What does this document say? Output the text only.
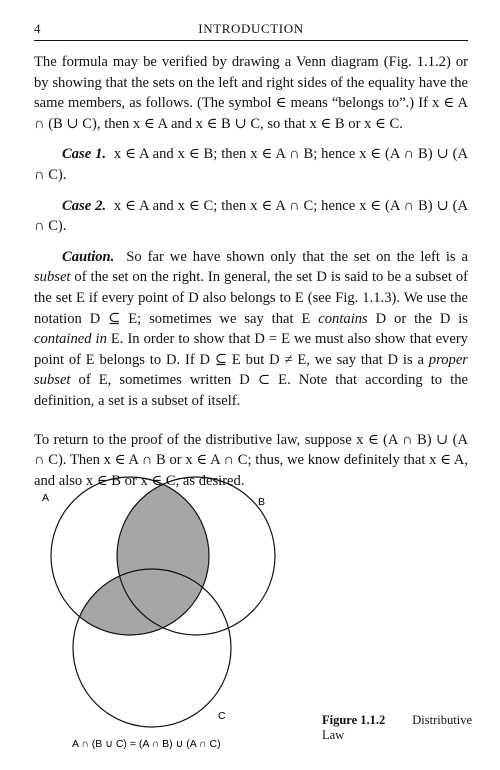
4	INTRODUCTION

The formula may be verified by drawing a Venn diagram (Fig. 1.1.2) or by showing that the sets on the left and right sides of the equality have the same members, as follows. (The symbol ∈ means “belongs to”.) If x ∈ A ∩ (B ∪ C), then x ∈ A and x ∈ B ∪ C, so that x ∈ B or x ∈ C.

Case 1. x ∈ A and x ∈ B; then x ∈ A ∩ B; hence x ∈ (A ∩ B) ∪ (A ∩ C).

Case 2. x ∈ A and x ∈ C; then x ∈ A ∩ C; hence x ∈ (A ∩ B) ∪ (A ∩ C).

Caution. So far we have shown only that the set on the left is a subset of the set on the right. In general, the set D is said to be a subset of the set E if every point of D also belongs to E (see Fig. 1.1.3). We use the notation D ⊆ E; sometimes we say that E contains D or the D is contained in E. In order to show that D = E we must also show that every point of E belongs to D. If D ⊆ E but D ≠ E, we say that D is a proper subset of E, sometimes written D ⊂ E. Note that according to the definition, a set is a subset of itself.

To return to the proof of the distributive law, suppose x ∈ (A ∩ B) ∪ (A ∩ C). Then x ∈ A ∩ B or x ∈ A ∩ C; thus, we know definitely that x ∈ A, and also x ∈ B or x ∈ C, as desired.

A	B
C
A ∩ (B ∪ C) = (A ∩ B) ∪ (A ∩ C)
Figure 1.1.2 Distributive
Law
